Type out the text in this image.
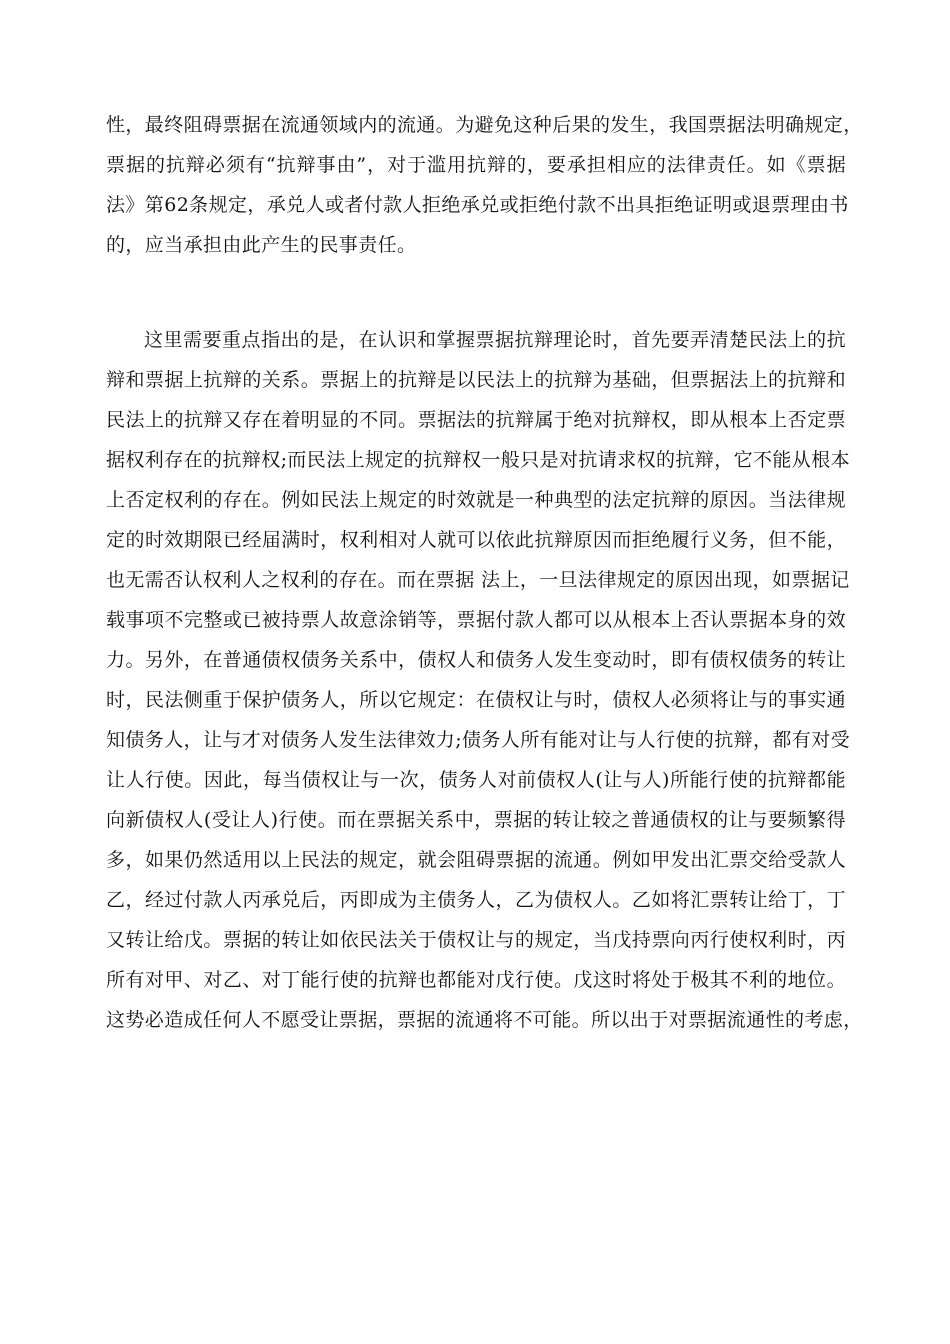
性，最终阻碍票据在流通领域内的流通。为避免这种后果的发生，我国票据法明确规定，
票据的抗辩必须有“抗辩事由”，对于滥用抗辩的，要承担相应的法律责任。如《票据
法》第62条规定，承兑人或者付款人拒绝承兑或拒绝付款不出具拒绝证明或退票理由书
的，应当承担由此产生的民事责任。
这里需要重点指出的是，在认识和掌握票据抗辩理论时，首先要弄清楚民法上的抗
辩和票据上抗辩的关系。票据上的抗辩是以民法上的抗辩为基础，但票据法上的抗辩和
民法上的抗辩又存在着明显的不同。票据法的抗辩属于绝对抗辩权，即从根本上否定票
据权利存在的抗辩权;而民法上规定的抗辩权一般只是对抗请求权的抗辩，它不能从根本
上否定权利的存在。例如民法上规定的时效就是一种典型的法定抗辩的原因。当法律规
定的时效期限已经届满时，权利相对人就可以依此抗辩原因而拒绝履行义务，但不能，
也无需否认权利人之权利的存在。而在票据 法上，一旦法律规定的原因出现，如票据记
载事项不完整或已被持票人故意涂销等，票据付款人都可以从根本上否认票据本身的效
力。另外，在普通债权债务关系中，债权人和债务人发生变动时，即有债权债务的转让
时，民法侧重于保护债务人，所以它规定：在债权让与时，债权人必须将让与的事实通
知债务人，让与才对债务人发生法律效力;债务人所有能对让与人行使的抗辩，都有对受
让人行使。因此，每当债权让与一次，债务人对前债权人(让与人)所能行使的抗辩都能
向新债权人(受让人)行使。而在票据关系中，票据的转让较之普通债权的让与要频繁得
多，如果仍然适用以上民法的规定，就会阻碍票据的流通。例如甲发出汇票交给受款人
乙，经过付款人丙承兑后，丙即成为主债务人，乙为债权人。乙如将汇票转让给丁，丁
又转让给戊。票据的转让如依民法关于债权让与的规定，当戊持票向丙行使权利时，丙
所有对甲、对乙、对丁能行使的抗辩也都能对戊行使。戊这时将处于极其不利的地位。
这势必造成任何人不愿受让票据，票据的流通将不可能。所以出于对票据流通性的考虑，
